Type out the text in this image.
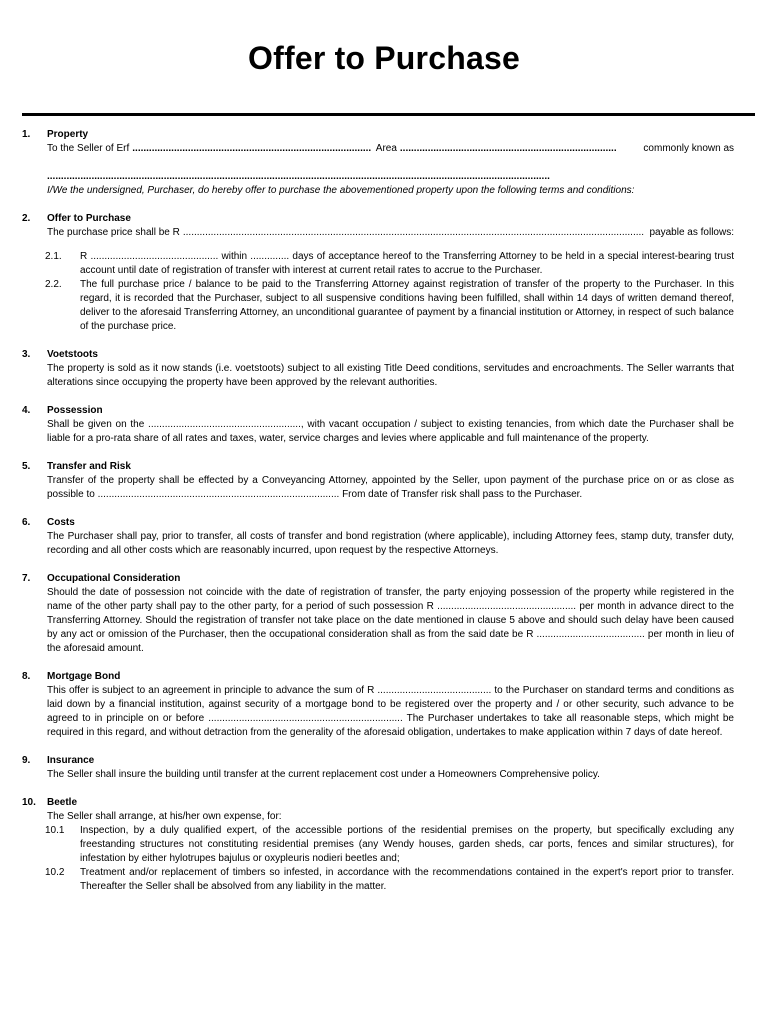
Offer to Purchase
1.	Property
To the Seller of Erf ...................................................................................... Area ..............................................................................	commonly known as
.....................................................................................................................................................................................
I/We the undersigned, Purchaser, do hereby offer to purchase the abovementioned property upon the following terms and conditions:
2.	Offer to Purchase
The purchase price shall be R ...................................................................................................................................................................... payable as follows:
2.1.	R .............................................. within .............. days of acceptance hereof to the Transferring Attorney to be held in a special interest-bearing trust account until date of registration of transfer with interest at current retail rates to accrue to the Purchaser.
2.2.	The full purchase price / balance to be paid to the Transferring Attorney against registration of transfer of the property to the Purchaser. In this regard, it is recorded that the Purchaser, subject to all suspensive conditions having been fulfilled, shall within 14 days of written demand thereof, deliver to the aforesaid Transferring Attorney, an unconditional guarantee of payment by a financial institution or Attorney, in respect of such balance of the purchase price.
3.	Voetstoots
The property is sold as it now stands (i.e. voetstoots) subject to all existing Title Deed conditions, servitudes and encroachments. The Seller warrants that alterations since occupying the property have been approved by the relevant authorities.
4.	Possession
Shall be given on the ......................................................., with vacant occupation / subject to existing tenancies, from which date the Purchaser shall be liable for a pro-rata share of all rates and taxes, water, service charges and levies where applicable and full maintenance of the property.
5.	Transfer and Risk
Transfer of the property shall be effected by a Conveyancing Attorney, appointed by the Seller, upon payment of the purchase price on or as close as possible to ....................................................................................... From date of Transfer risk shall pass to the Purchaser.
6.	Costs
The Purchaser shall pay, prior to transfer, all costs of transfer and bond registration (where applicable), including Attorney fees, stamp duty, transfer duty, recording and all other costs which are reasonably incurred, upon request by the respective Attorneys.
7.	Occupational Consideration
Should the date of possession not coincide with the date of registration of transfer, the party enjoying possession of the property while registered in the name of the other party shall pay to the other party, for a period of such possession R .................................................. per month in advance direct to the Transferring Attorney. Should the registration of transfer not take place on the date mentioned in clause 5 above and should such delay have been caused by any act or omission of the Purchaser, then the occupational consideration shall as from the said date be R ....................................... per month in lieu of the aforesaid amount.
8.	Mortgage Bond
This offer is subject to an agreement in principle to advance the sum of R ......................................... to the Purchaser on standard terms and conditions as laid down by a financial institution, against security of a mortgage bond to be registered over the property and / or other security, such advance to be agreed to in principle on or before ...................................................................... The Purchaser undertakes to take all reasonable steps, which might be required in this regard, and without detraction from the generality of the aforesaid obligation, undertakes to make application within 7 days of date hereof.
9.	Insurance
The Seller shall insure the building until transfer at the current replacement cost under a Homeowners Comprehensive policy.
10.	Beetle
The Seller shall arrange, at his/her own expense, for:
10.1	Inspection, by a duly qualified expert, of the accessible portions of the residential premises on the property, but specifically excluding any freestanding structures not constituting residential premises (any Wendy houses, garden sheds, car ports, fences and similar structures), for infestation by either hylotrupes bajulus or oxypleuris nodieri beetles and;
10.2	Treatment and/or replacement of timbers so infested, in accordance with the recommendations contained in the expert's report prior to transfer. Thereafter the Seller shall be absolved from any liability in the matter.
